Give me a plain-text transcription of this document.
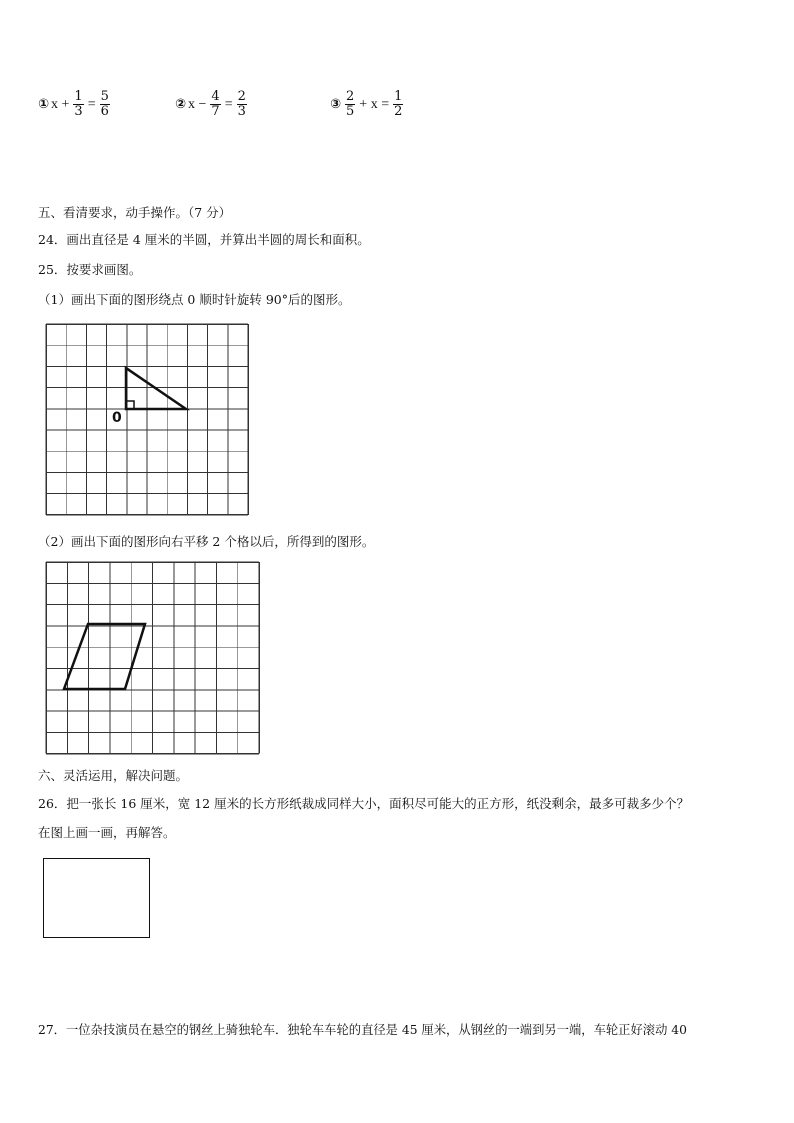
① $x + \frac{1}{3} = \frac{5}{6}$	② $x - \frac{4}{7} = \frac{2}{3}$	③ $\frac{2}{5} + x = \frac{1}{2}$
五、看清要求，动手操作。（7 分）
24．画出直径是 4 厘米的半圆，并算出半圆的周长和面积。
25．按要求画图。
（1）画出下面的图形绕点 0 顺时针旋转 90°后的图形。
0
（2）画出下面的图形向右平移 2 个格以后，所得到的图形。
六、灵活运用，解决问题。
26．把一张长 16 厘米，宽 12 厘米的长方形纸裁成同样大小，面积尽可能大的正方形，纸没剩余，最多可裁多少个？
在图上画一画，再解答。
27．一位杂技演员在悬空的钢丝上骑独轮车．独轮车车轮的直径是 45 厘米，从钢丝的一端到另一端，车轮正好滚动 40
